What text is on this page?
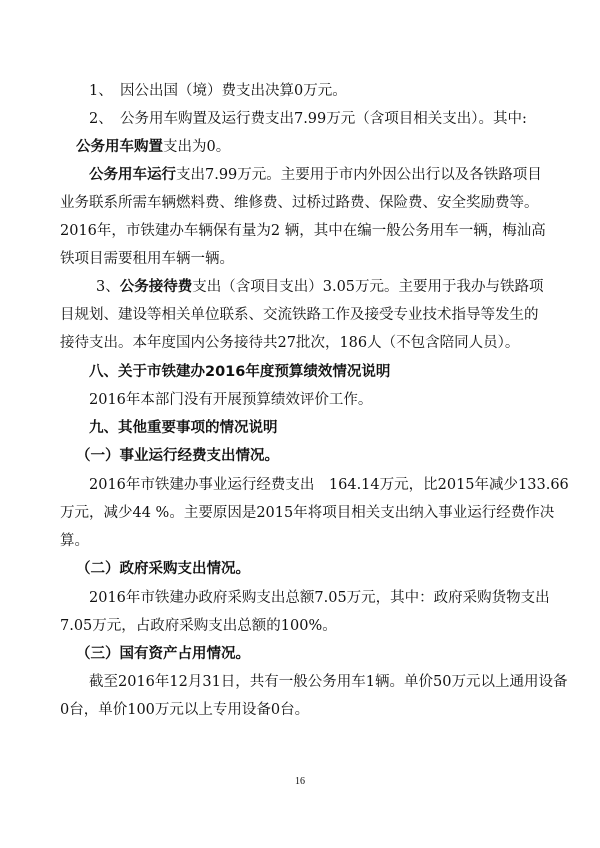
1、　因公出国（境）费支出决算0万元。
2、　公务用车购置及运行费支出7.99万元（含项目相关支出）。其中:
公务用车购置支出为0。
公务用车运行支出7.99万元。主要用于市内外因公出行以及各铁路项目
业务联系所需车辆燃料费、维修费、过桥过路费、保险费、安全奖励费等。
2016年，市铁建办车辆保有量为2 辆，其中在编一般公务用车一辆，梅汕高
铁项目需要租用车辆一辆。
3、公务接待费支出（含项目支出）3.05万元。主要用于我办与铁路项
目规划、建设等相关单位联系、交流铁路工作及接受专业技术指导等发生的
接待支出。本年度国内公务接待共27批次，186人（不包含陪同人员）。
八、关于市铁建办2016年度预算绩效情况说明
2016年本部门没有开展预算绩效评价工作。
九、其他重要事项的情况说明
（一）事业运行经费支出情况。
2016年市铁建办事业运行经费支出　164.14万元，比2015年减少133.66
万元，减少44 %。主要原因是2015年将项目相关支出纳入事业运行经费作决
算。
（二）政府采购支出情况。
2016年市铁建办政府采购支出总额7.05万元，其中：政府采购货物支出
7.05万元，占政府采购支出总额的100%。
（三）国有资产占用情况。
截至2016年12月31日，共有一般公务用车1辆。单价50万元以上通用设备
0台，单价100万元以上专用设备0台。
16
